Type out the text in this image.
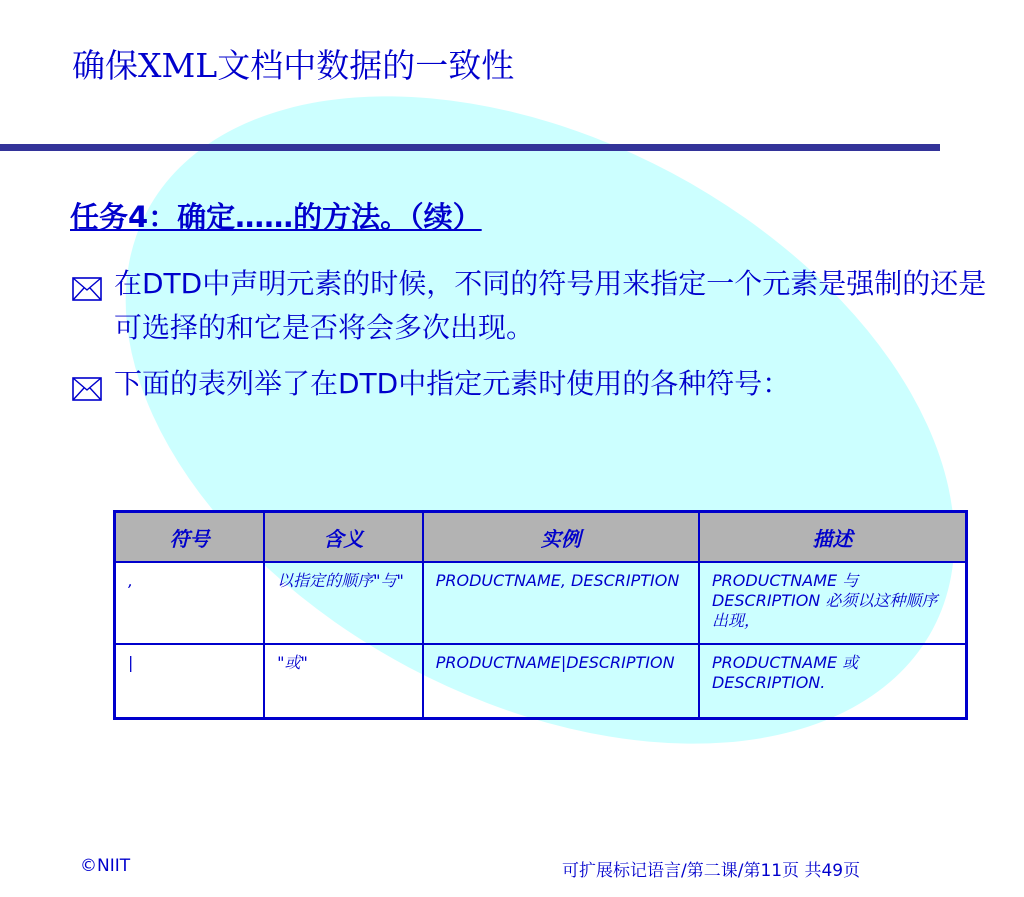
确保XML文档中数据的一致性
任务4：确定……的方法。（续）
在DTD中声明元素的时候，不同的符号用来指定一个元素是强制的还是可选择的和它是否将会多次出现。
下面的表列举了在DTD中指定元素时使用的各种符号：
符号	含义	实例	描述
,	以指定的顺序"与"	PRODUCTNAME, DESCRIPTION	PRODUCTNAME 与 DESCRIPTION 必须以这种顺序出现，
|	"或"	PRODUCTNAME|DESCRIPTION	PRODUCTNAME 或 DESCRIPTION.
©NIIT	可扩展标记语言/第二课/第11页 共49页
